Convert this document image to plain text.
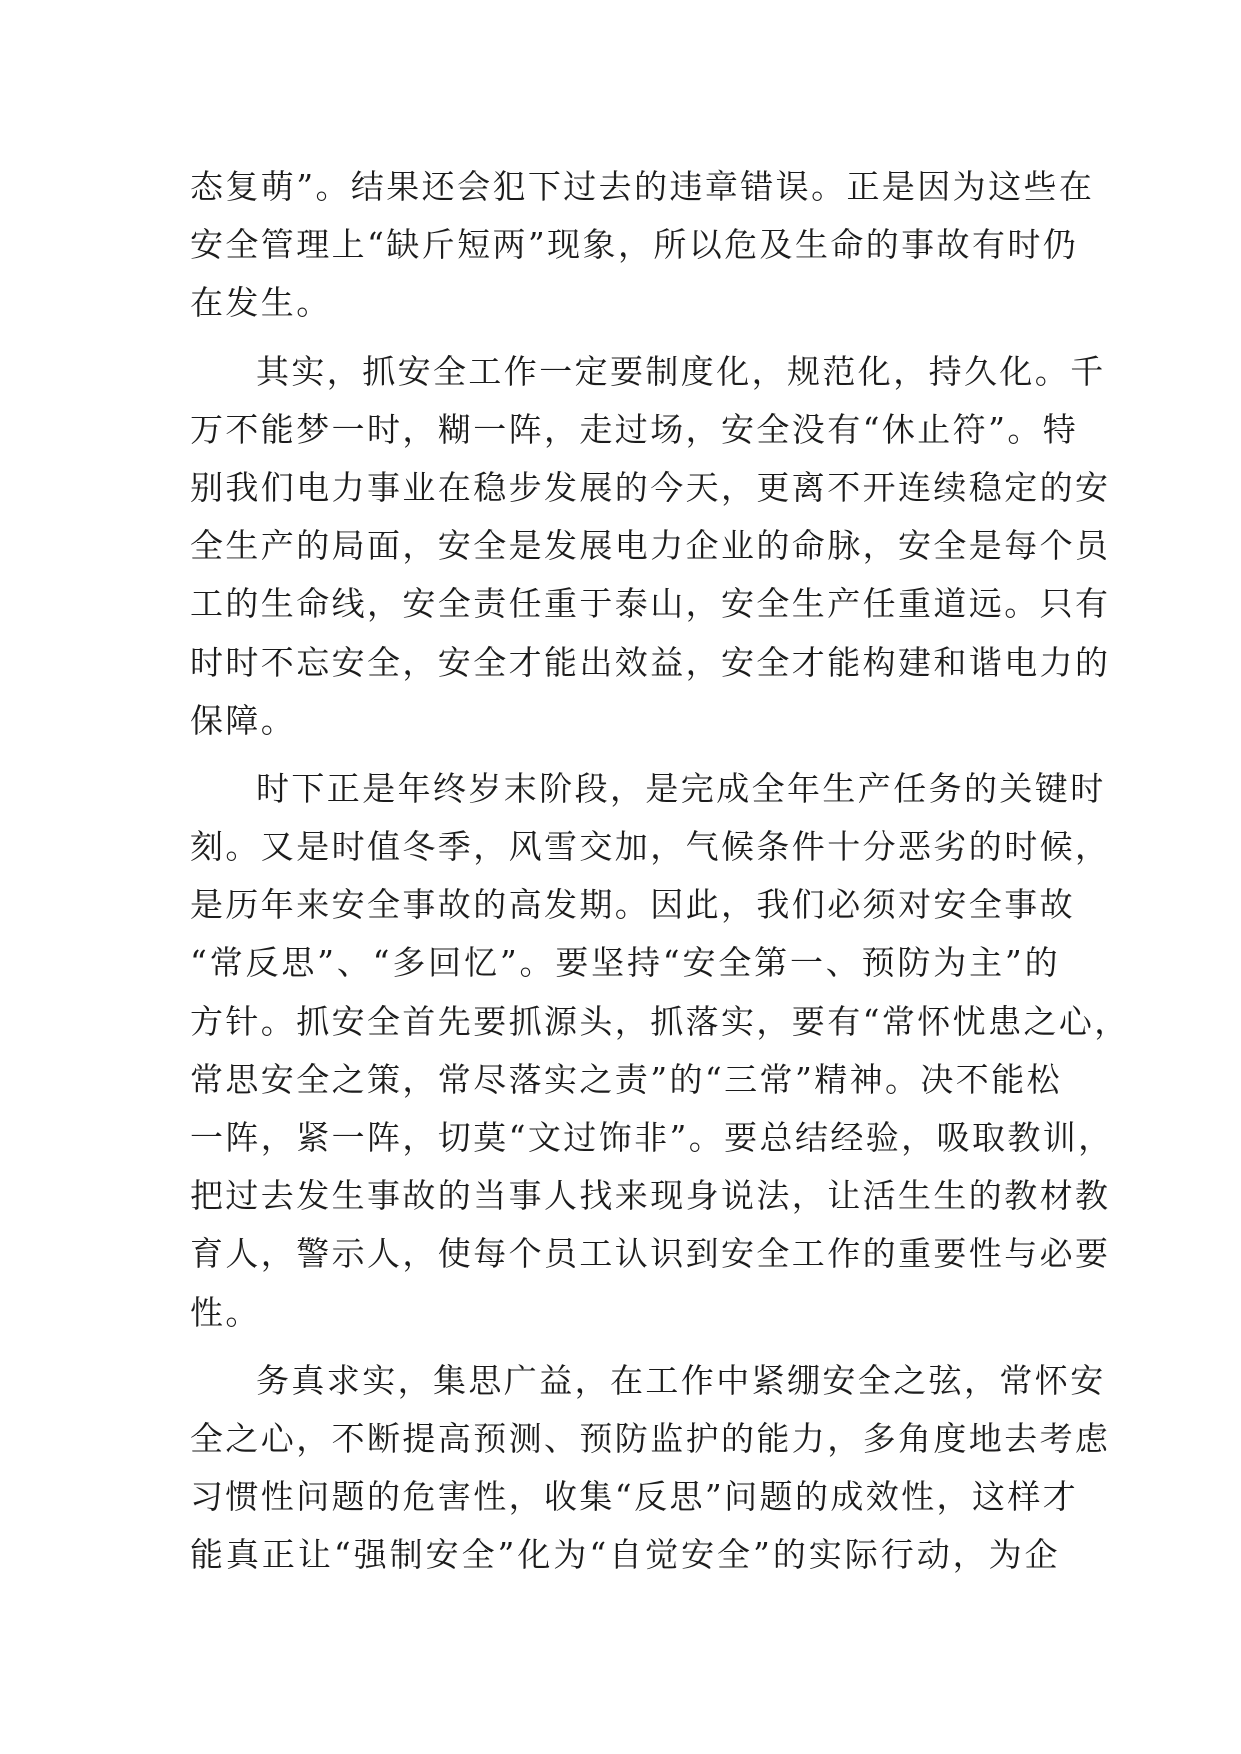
态复萌”。结果还会犯下过去的违章错误。正是因为这些在
安全管理上“缺斤短两”现象，所以危及生命的事故有时仍
在发生。
其实，抓安全工作一定要制度化，规范化，持久化。千
万不能梦一时，糊一阵，走过场，安全没有“休止符”。特
别我们电力事业在稳步发展的今天，更离不开连续稳定的安
全生产的局面，安全是发展电力企业的命脉，安全是每个员
工的生命线，安全责任重于泰山，安全生产任重道远。只有
时时不忘安全，安全才能出效益，安全才能构建和谐电力的
保障。
时下正是年终岁末阶段，是完成全年生产任务的关键时
刻。又是时值冬季，风雪交加，气候条件十分恶劣的时候，
是历年来安全事故的高发期。因此，我们必须对安全事故
“常反思”、“多回忆”。要坚持“安全第一、预防为主”的
方针。抓安全首先要抓源头，抓落实，要有“常怀忧患之心，
常思安全之策，常尽落实之责”的“三常”精神。决不能松
一阵，紧一阵，切莫“文过饰非”。要总结经验，吸取教训，
把过去发生事故的当事人找来现身说法，让活生生的教材教
育人，警示人，使每个员工认识到安全工作的重要性与必要
性。
务真求实，集思广益，在工作中紧绷安全之弦，常怀安
全之心，不断提高预测、预防监护的能力，多角度地去考虑
习惯性问题的危害性，收集“反思”问题的成效性，这样才
能真正让“强制安全”化为“自觉安全”的实际行动，为企
